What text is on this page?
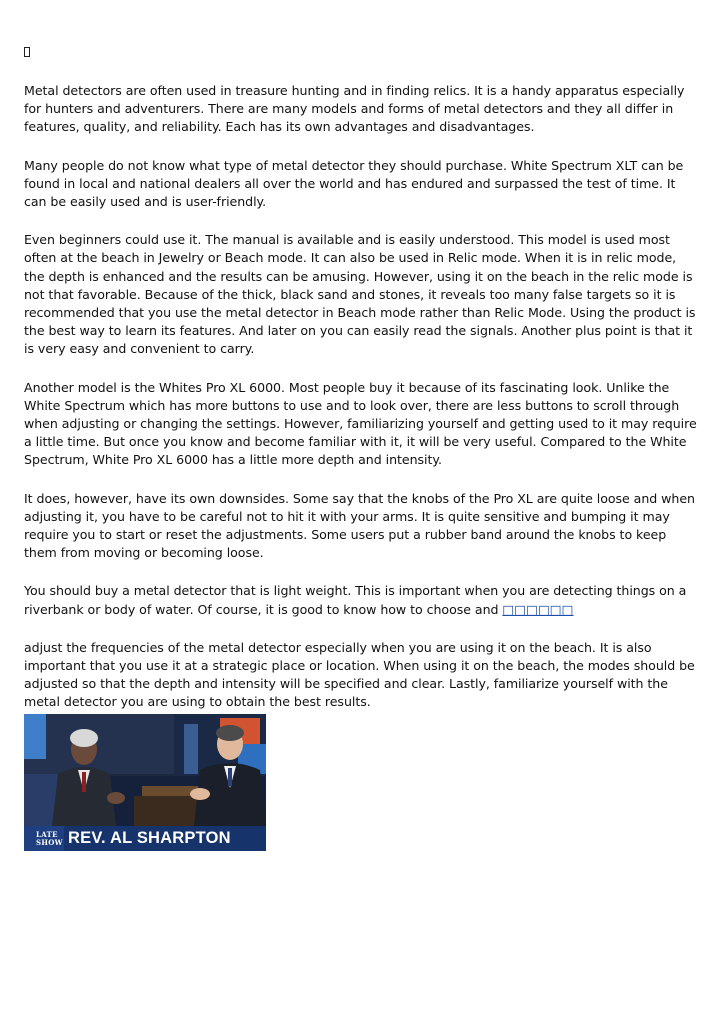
Metal detectors are often used in treasure hunting and in finding relics. It is a handy apparatus especially for hunters and adventurers. There are many models and forms of metal detectors and they all differ in features, quality, and reliability. Each has its own advantages and disadvantages.

Many people do not know what type of metal detector they should purchase. White Spectrum XLT can be found in local and national dealers all over the world and has endured and surpassed the test of time. It can be easily used and is user-friendly.

Even beginners could use it. The manual is available and is easily understood. This model is used most often at the beach in Jewelry or Beach mode. It can also be used in Relic mode. When it is in relic mode, the depth is enhanced and the results can be amusing. However, using it on the beach in the relic mode is not that favorable. Because of the thick, black sand and stones, it reveals too many false targets so it is recommended that you use the metal detector in Beach mode rather than Relic Mode. Using the product is the best way to learn its features. And later on you can easily read the signals. Another plus point is that it is very easy and convenient to carry.

Another model is the Whites Pro XL 6000. Most people buy it because of its fascinating look. Unlike the White Spectrum which has more buttons to use and to look over, there are less buttons to scroll through when adjusting or changing the settings. However, familiarizing yourself and getting used to it may require a little time. But once you know and become familiar with it, it will be very useful. Compared to the White Spectrum, White Pro XL 6000 has a little more depth and intensity.

It does, however, have its own downsides. Some say that the knobs of the Pro XL are quite loose and when adjusting it, you have to be careful not to hit it with your arms. It is quite sensitive and bumping it may require you to start or reset the adjustments. Some users put a rubber band around the knobs to keep them from moving or becoming loose.

You should buy a metal detector that is light weight. This is important when you are detecting things on a riverbank or body of water. Of course, it is good to know how to choose and □□□□□□

adjust the frequencies of the metal detector especially when you are using it on the beach. It is also important that you use it at a strategic place or location. When using it on the beach, the modes should be adjusted so that the depth and intensity will be specified and clear. Lastly, familiarize yourself with the metal detector you are using to obtain the best results.

LATE
SHOW REV. AL SHARPTON
